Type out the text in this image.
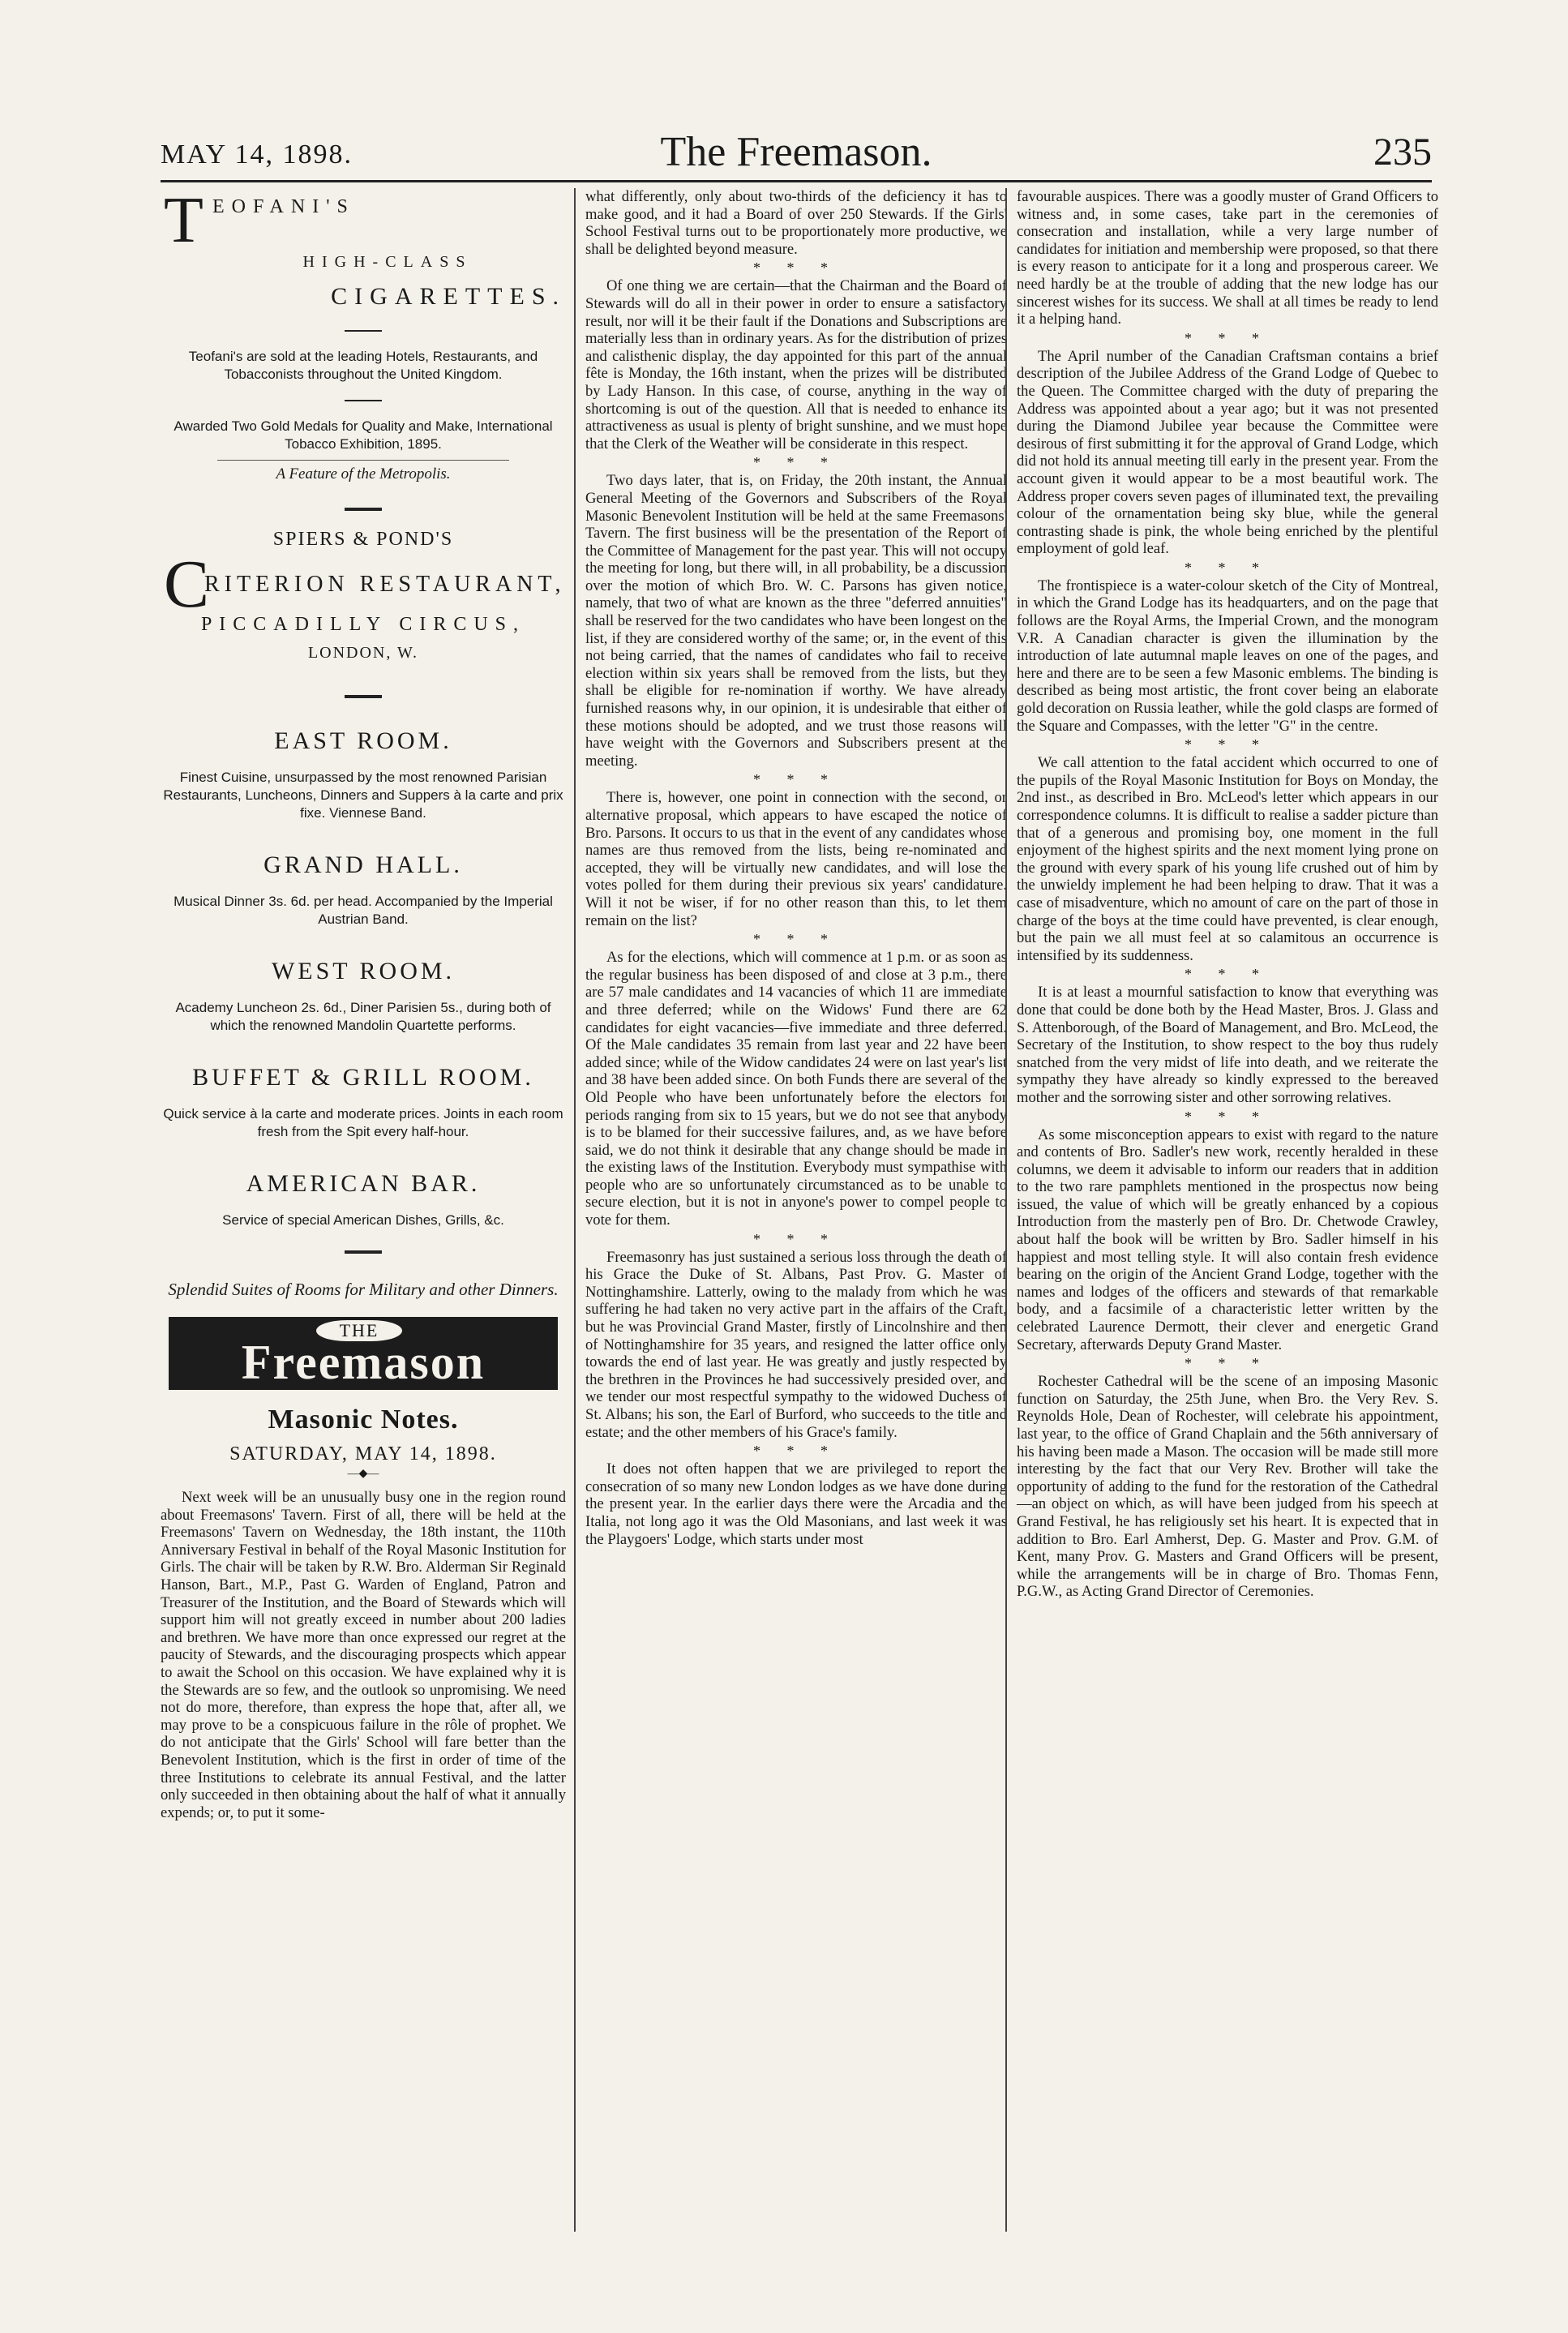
MAY 14, 1898.	The Freemason.	235
T EOFANI'S
HIGH-CLASS
CIGARETTES.

Teofani's are sold at the leading Hotels, Restaurants, and Tobacconists throughout the United Kingdom.

Awarded Two Gold Medals for Quality and Make, International Tobacco Exhibition, 1895.

A Feature of the Metropolis.

SPIERS & POND'S
C
RITERION RESTAURANT,
PICCADILLY CIRCUS,
LONDON, W.
EAST ROOM.

Finest Cuisine, unsurpassed by the most renowned Parisian Restaurants, Luncheons, Dinners and Suppers à la carte and prix fixe. Viennese Band.

GRAND HALL.

Musical Dinner 3s. 6d. per head. Accompanied by the Imperial Austrian Band.

WEST ROOM.

Academy Luncheon 2s. 6d., Diner Parisien 5s., during both of which the renowned Mandolin Quartette performs.

BUFFET & GRILL ROOM.

Quick service à la carte and moderate prices. Joints in each room fresh from the Spit every half-hour.

AMERICAN BAR.

Service of special American Dishes, Grills, &c.

Splendid Suites of Rooms for Military and other Dinners.

THE
Freemason
Masonic Notes.
SATURDAY, MAY 14, 1898.
—◆—

Next week will be an unusually busy one in the region round about Freemasons' Tavern. First of all, there will be held at the Freemasons' Tavern on Wednesday, the 18th instant, the 110th Anniversary Festival in behalf of the Royal Masonic Institution for Girls. The chair will be taken by R.W. Bro. Alderman Sir Reginald Hanson, Bart., M.P., Past G. Warden of England, Patron and Treasurer of the Institution, and the Board of Stewards which will support him will not greatly exceed in number about 200 ladies and brethren. We have more than once expressed our regret at the paucity of Stewards, and the discouraging prospects which appear to await the School on this occasion. We have explained why it is the Stewards are so few, and the outlook so unpromising. We need not do more, therefore, than express the hope that, after all, we may prove to be a conspicuous failure in the rôle of prophet. We do not anticipate that the Girls' School will fare better than the Benevolent Institution, which is the first in order of time of the three Institutions to celebrate its annual Festival, and the latter only succeeded in then obtaining about the half of what it annually expends; or, to put it some-

what differently, only about two-thirds of the deficiency it has to make good, and it had a Board of over 250 Stewards. If the Girls' School Festival turns out to be proportionately more productive, we shall be delighted beyond measure.

* * *

Of one thing we are certain—that the Chairman and the Board of Stewards will do all in their power in order to ensure a satisfactory result, nor will it be their fault if the Donations and Subscriptions are materially less than in ordinary years. As for the distribution of prizes and calisthenic display, the day appointed for this part of the annual fête is Monday, the 16th instant, when the prizes will be distributed by Lady Hanson. In this case, of course, anything in the way of shortcoming is out of the question. All that is needed to enhance its attractiveness as usual is plenty of bright sunshine, and we must hope that the Clerk of the Weather will be considerate in this respect.

* * *

Two days later, that is, on Friday, the 20th instant, the Annual General Meeting of the Governors and Subscribers of the Royal Masonic Benevolent Institution will be held at the same Freemasons' Tavern. The first business will be the presentation of the Report of the Committee of Management for the past year. This will not occupy the meeting for long, but there will, in all probability, be a discussion over the motion of which Bro. W. C. Parsons has given notice, namely, that two of what are known as the three "deferred annuities" shall be reserved for the two candidates who have been longest on the list, if they are considered worthy of the same; or, in the event of this not being carried, that the names of candidates who fail to receive election within six years shall be removed from the lists, but they shall be eligible for re-nomination if worthy. We have already furnished reasons why, in our opinion, it is undesirable that either of these motions should be adopted, and we trust those reasons will have weight with the Governors and Subscribers present at the meeting.

* * *

There is, however, one point in connection with the second, or alternative proposal, which appears to have escaped the notice of Bro. Parsons. It occurs to us that in the event of any candidates whose names are thus removed from the lists, being re-nominated and accepted, they will be virtually new candidates, and will lose the votes polled for them during their previous six years' candidature. Will it not be wiser, if for no other reason than this, to let them remain on the list?

* * *

As for the elections, which will commence at 1 p.m. or as soon as the regular business has been disposed of and close at 3 p.m., there are 57 male candidates and 14 vacancies of which 11 are immediate and three deferred; while on the Widows' Fund there are 62 candidates for eight vacancies—five immediate and three deferred. Of the Male candidates 35 remain from last year and 22 have been added since; while of the Widow candidates 24 were on last year's list and 38 have been added since. On both Funds there are several of the Old People who have been unfortunately before the electors for periods ranging from six to 15 years, but we do not see that anybody is to be blamed for their successive failures, and, as we have before said, we do not think it desirable that any change should be made in the existing laws of the Institution. Everybody must sympathise with people who are so unfortunately circumstanced as to be unable to secure election, but it is not in anyone's power to compel people to vote for them.

* * *

Freemasonry has just sustained a serious loss through the death of his Grace the Duke of St. Albans, Past Prov. G. Master of Nottinghamshire. Latterly, owing to the malady from which he was suffering he had taken no very active part in the affairs of the Craft, but he was Provincial Grand Master, firstly of Lincolnshire and then of Nottinghamshire for 35 years, and resigned the latter office only towards the end of last year. He was greatly and justly respected by the brethren in the Provinces he had successively presided over, and we tender our most respectful sympathy to the widowed Duchess of St. Albans; his son, the Earl of Burford, who succeeds to the title and estate; and the other members of his Grace's family.

* * *

It does not often happen that we are privileged to report the consecration of so many new London lodges as we have done during the present year. In the earlier days there were the Arcadia and the Italia, not long ago it was the Old Masonians, and last week it was the Playgoers' Lodge, which starts under most

favourable auspices. There was a goodly muster of Grand Officers to witness and, in some cases, take part in the ceremonies of consecration and installation, while a very large number of candidates for initiation and membership were proposed, so that there is every reason to anticipate for it a long and prosperous career. We need hardly be at the trouble of adding that the new lodge has our sincerest wishes for its success. We shall at all times be ready to lend it a helping hand.

* * *

The April number of the Canadian Craftsman contains a brief description of the Jubilee Address of the Grand Lodge of Quebec to the Queen. The Committee charged with the duty of preparing the Address was appointed about a year ago; but it was not presented during the Diamond Jubilee year because the Committee were desirous of first submitting it for the approval of Grand Lodge, which did not hold its annual meeting till early in the present year. From the account given it would appear to be a most beautiful work. The Address proper covers seven pages of illuminated text, the prevailing colour of the ornamentation being sky blue, while the general contrasting shade is pink, the whole being enriched by the plentiful employment of gold leaf.

* * *

The frontispiece is a water-colour sketch of the City of Montreal, in which the Grand Lodge has its headquarters, and on the page that follows are the Royal Arms, the Imperial Crown, and the monogram V.R. A Canadian character is given the illumination by the introduction of late autumnal maple leaves on one of the pages, and here and there are to be seen a few Masonic emblems. The binding is described as being most artistic, the front cover being an elaborate gold decoration on Russia leather, while the gold clasps are formed of the Square and Compasses, with the letter "G" in the centre.

* * *

We call attention to the fatal accident which occurred to one of the pupils of the Royal Masonic Institution for Boys on Monday, the 2nd inst., as described in Bro. McLeod's letter which appears in our correspondence columns. It is difficult to realise a sadder picture than that of a generous and promising boy, one moment in the full enjoyment of the highest spirits and the next moment lying prone on the ground with every spark of his young life crushed out of him by the unwieldy implement he had been helping to draw. That it was a case of misadventure, which no amount of care on the part of those in charge of the boys at the time could have prevented, is clear enough, but the pain we all must feel at so calamitous an occurrence is intensified by its suddenness.

* * *

It is at least a mournful satisfaction to know that everything was done that could be done both by the Head Master, Bros. J. Glass and S. Attenborough, of the Board of Management, and Bro. McLeod, the Secretary of the Institution, to show respect to the boy thus rudely snatched from the very midst of life into death, and we reiterate the sympathy they have already so kindly expressed to the bereaved mother and the sorrowing sister and other sorrowing relatives.

* * *

As some misconception appears to exist with regard to the nature and contents of Bro. Sadler's new work, recently heralded in these columns, we deem it advisable to inform our readers that in addition to the two rare pamphlets mentioned in the prospectus now being issued, the value of which will be greatly enhanced by a copious Introduction from the masterly pen of Bro. Dr. Chetwode Crawley, about half the book will be written by Bro. Sadler himself in his happiest and most telling style. It will also contain fresh evidence bearing on the origin of the Ancient Grand Lodge, together with the names and lodges of the officers and stewards of that remarkable body, and a facsimile of a characteristic letter written by the celebrated Laurence Dermott, their clever and energetic Grand Secretary, afterwards Deputy Grand Master.

* * *

Rochester Cathedral will be the scene of an imposing Masonic function on Saturday, the 25th June, when Bro. the Very Rev. S. Reynolds Hole, Dean of Rochester, will celebrate his appointment, last year, to the office of Grand Chaplain and the 56th anniversary of his having been made a Mason. The occasion will be made still more interesting by the fact that our Very Rev. Brother will take the opportunity of adding to the fund for the restoration of the Cathedral—an object on which, as will have been judged from his speech at Grand Festival, he has religiously set his heart. It is expected that in addition to Bro. Earl Amherst, Dep. G. Master and Prov. G.M. of Kent, many Prov. G. Masters and Grand Officers will be present, while the arrangements will be in charge of Bro. Thomas Fenn, P.G.W., as Acting Grand Director of Ceremonies.
